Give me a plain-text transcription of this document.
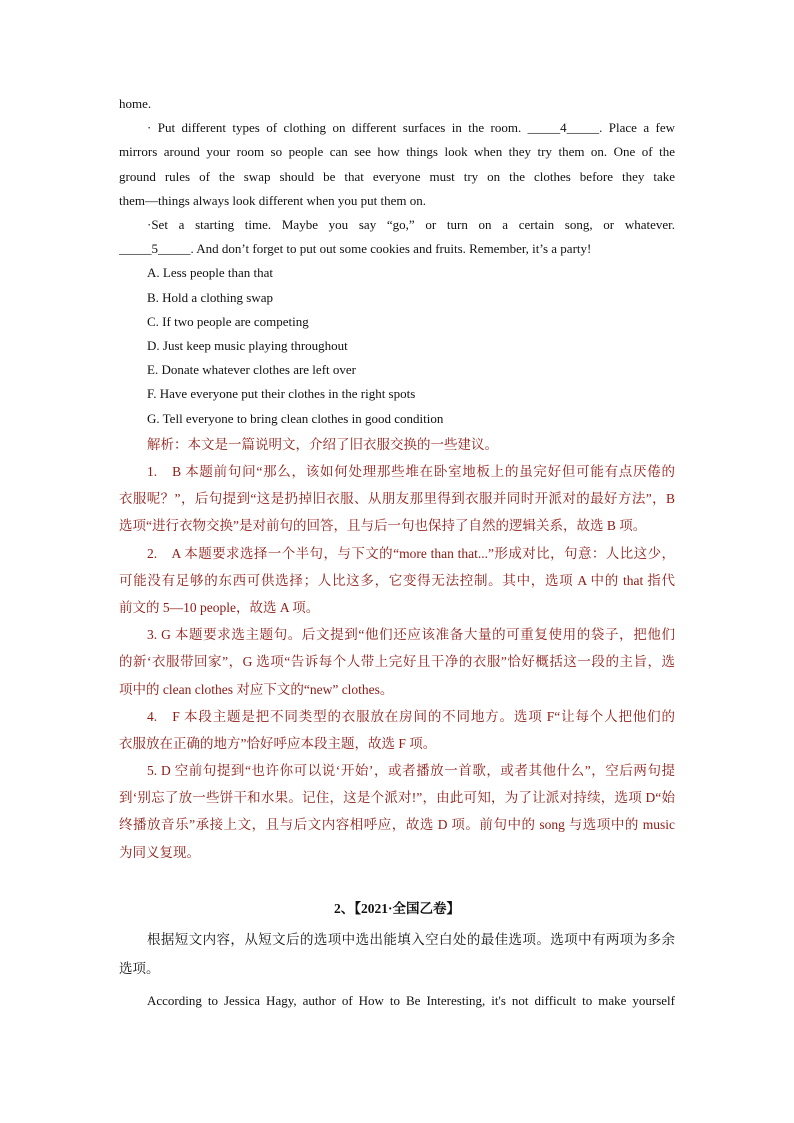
home.
· Put different types of clothing on different surfaces in the room. _____4_____. Place a few
mirrors around your room so people can see how things look when they try them on. One of the
ground rules of the swap should be that everyone must try on the clothes before they take
them—things always look different when you put them on.
·Set a starting time. Maybe you say “go,” or turn on a certain song, or whatever.
_____5_____. And don’t forget to put out some cookies and fruits. Remember, it’s a party!
A. Less people than that
B. Hold a clothing swap
C. If two people are competing
D. Just keep music playing throughout
E. Donate whatever clothes are left over
F. Have everyone put their clothes in the right spots
G. Tell everyone to bring clean clothes in good condition
解析：本文是一篇说明文，介绍了旧衣服交换的一些建议。
1.　B 本题前句问“那么，该如何处理那些堆在卧室地板上的虽完好但可能有点厌倦的
衣服呢？”，后句提到“这是扔掉旧衣服、从朋友那里得到衣服并同时开派对的最好方法”，B
选项“进行衣物交换”是对前句的回答，且与后一句也保持了自然的逻辑关系，故选 B 项。
2.　A 本题要求选择一个半句，与下文的“more than that...”形成对比，句意：人比这少，
可能没有足够的东西可供选择；人比这多，它变得无法控制。其中，选项 A 中的 that 指代
前文的 5—10 people，故选 A 项。
3. G 本题要求选主题句。后文提到“他们还应该准备大量的可重复使用的袋子，把他们
的新‘衣服带回家”，G 选项“告诉每个人带上完好且干净的衣服”恰好概括这一段的主旨，选
项中的 clean clothes 对应下文的“new” clothes。
4.　F 本段主题是把不同类型的衣服放在房间的不同地方。选项 F“让每个人把他们的
衣服放在正确的地方”恰好呼应本段主题，故选 F 项。
5. D 空前句提到“也许你可以说‘开始’，或者播放一首歌，或者其他什么”，空后两句提
到‘别忘了放一些饼干和水果。记住，这是个派对!”，由此可知，为了让派对持续，选项 D“始
终播放音乐”承接上文，且与后文内容相呼应，故选 D 项。前句中的 song 与选项中的 music
为同义复现。
2、【2021·全国乙卷】
根据短文内容，从短文后的选项中选出能填入空白处的最佳选项。选项中有两项为多余
选项。
According to Jessica Hagy, author of How to Be Interesting, it's not difficult to make yourself
